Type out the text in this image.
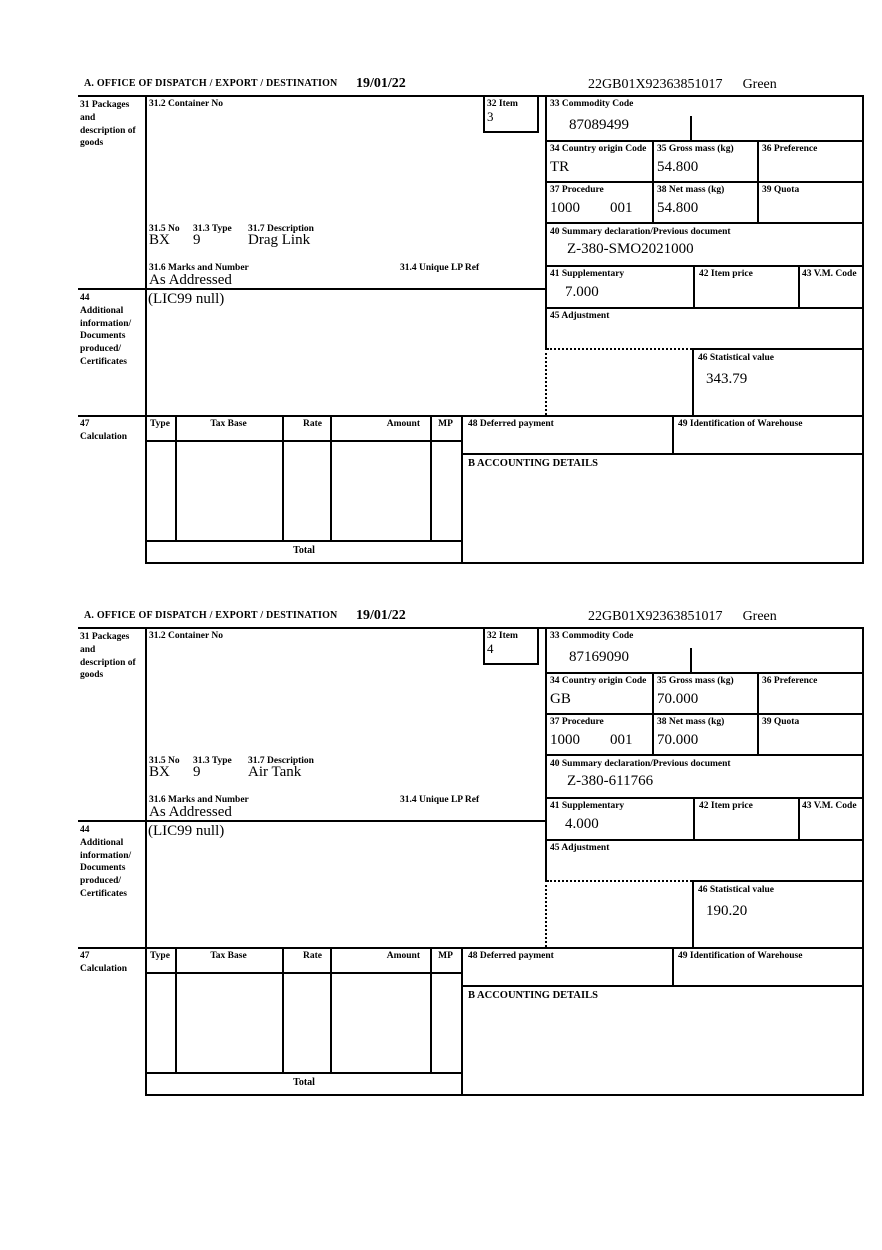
A. OFFICE OF DISPATCH / EXPORT / DESTINATION 19/01/22	22GB01X92363851017 Green
31 Packages and description of goods
44 Additional information/ Documents produced/ Certificates
47 Calculation
31.2 Container No
31.5 No 31.3 Type 31.7 Description
BX 9	Drag Link
31.6 Marks and Number	31.4 Unique LP Ref
As Addressed
(LIC99 null)
32 Item
3
33 Commodity Code
87089499
34 Country origin Code
TR
35 Gross mass (kg)
54.800
36 Preference
37 Procedure
1000 001
38 Net mass (kg)
54.800
39 Quota
40 Summary declaration/Previous document
Z-380-SMO2021000
41 Supplementary
7.000
42 Item price	43 V.M. Code
45 Adjustment
46 Statistical value
343.79
Type	Tax Base	Rate	Amount	MP
Total
48 Deferred payment	49 Identification of Warehouse
B ACCOUNTING DETAILS
A. OFFICE OF DISPATCH / EXPORT / DESTINATION 19/01/22	22GB01X92363851017 Green
31 Packages and description of goods
44 Additional information/ Documents produced/ Certificates
47 Calculation
31.2 Container No
31.5 No 31.3 Type 31.7 Description
BX 9	Air Tank
31.6 Marks and Number	31.4 Unique LP Ref
As Addressed
(LIC99 null)
32 Item
4
33 Commodity Code
87169090
34 Country origin Code
GB
35 Gross mass (kg)
70.000
36 Preference
37 Procedure
1000 001
38 Net mass (kg)
70.000
39 Quota
40 Summary declaration/Previous document
Z-380-611766
41 Supplementary
4.000
42 Item price	43 V.M. Code
45 Adjustment
46 Statistical value
190.20
Type	Tax Base	Rate	Amount	MP
Total
48 Deferred payment	49 Identification of Warehouse
B ACCOUNTING DETAILS
